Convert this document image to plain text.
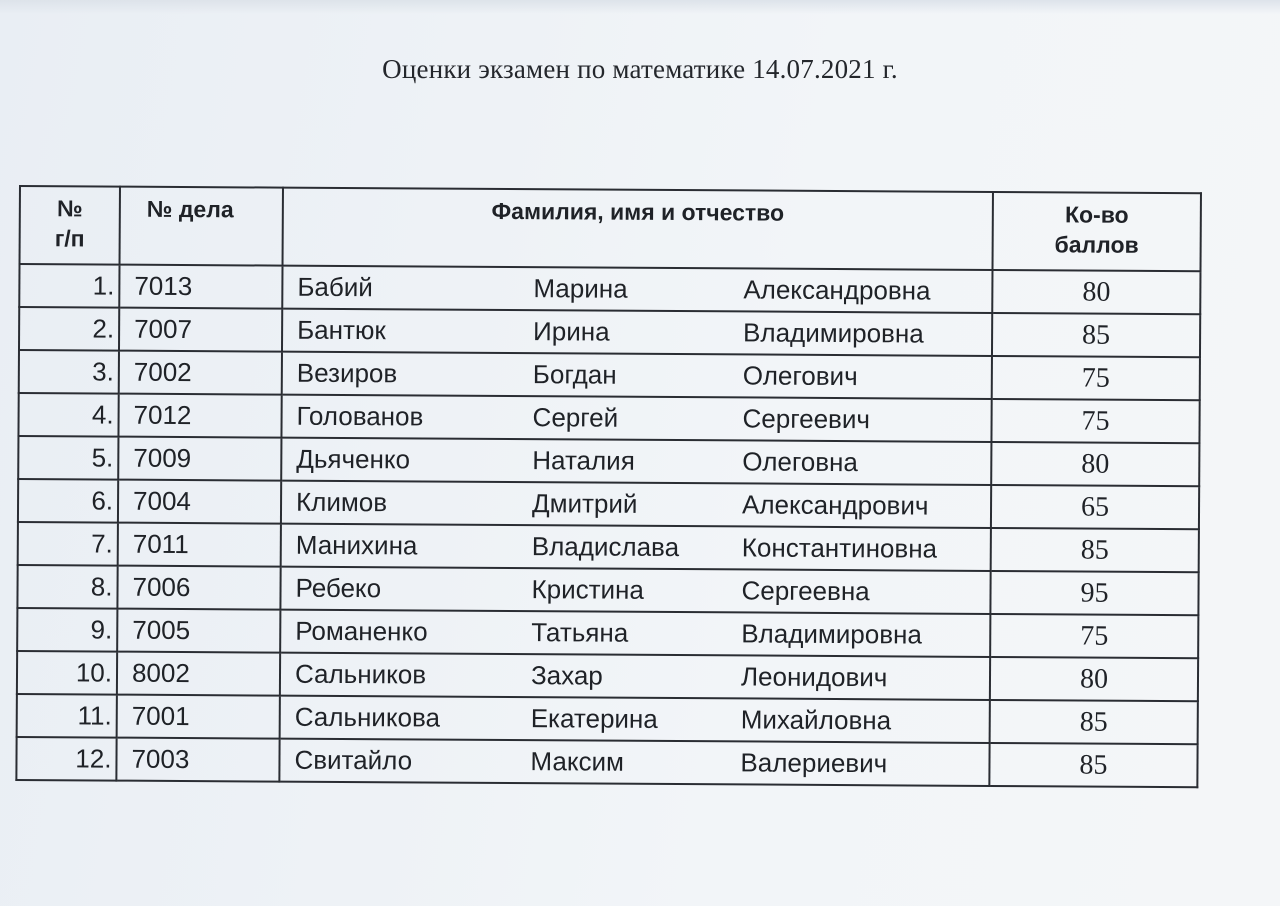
Оценки экзамен по математике 14.07.2021 г.
№
г/п	№ дела	Фамилия, имя и отчество	Ко-во
баллов
1.	7013	Бабий Марина Александровна	80
2.	7007	Бантюк Ирина Владимировна	85
3.	7002	Везиров Богдан Олегович	75
4.	7012	Голованов Сергей Сергеевич	75
5.	7009	Дьяченко Наталия Олеговна	80
6.	7004	Климов Дмитрий Александрович	65
7.	7011	Манихина Владислава Константиновна	85
8.	7006	Ребеко Кристина Сергеевна	95
9.	7005	Романенко Татьяна Владимировна	75
10.	8002	Сальников Захар Леонидович	80
11.	7001	Сальникова Екатерина Михайловна	85
12.	7003	Свитайло Максим Валериевич	85
